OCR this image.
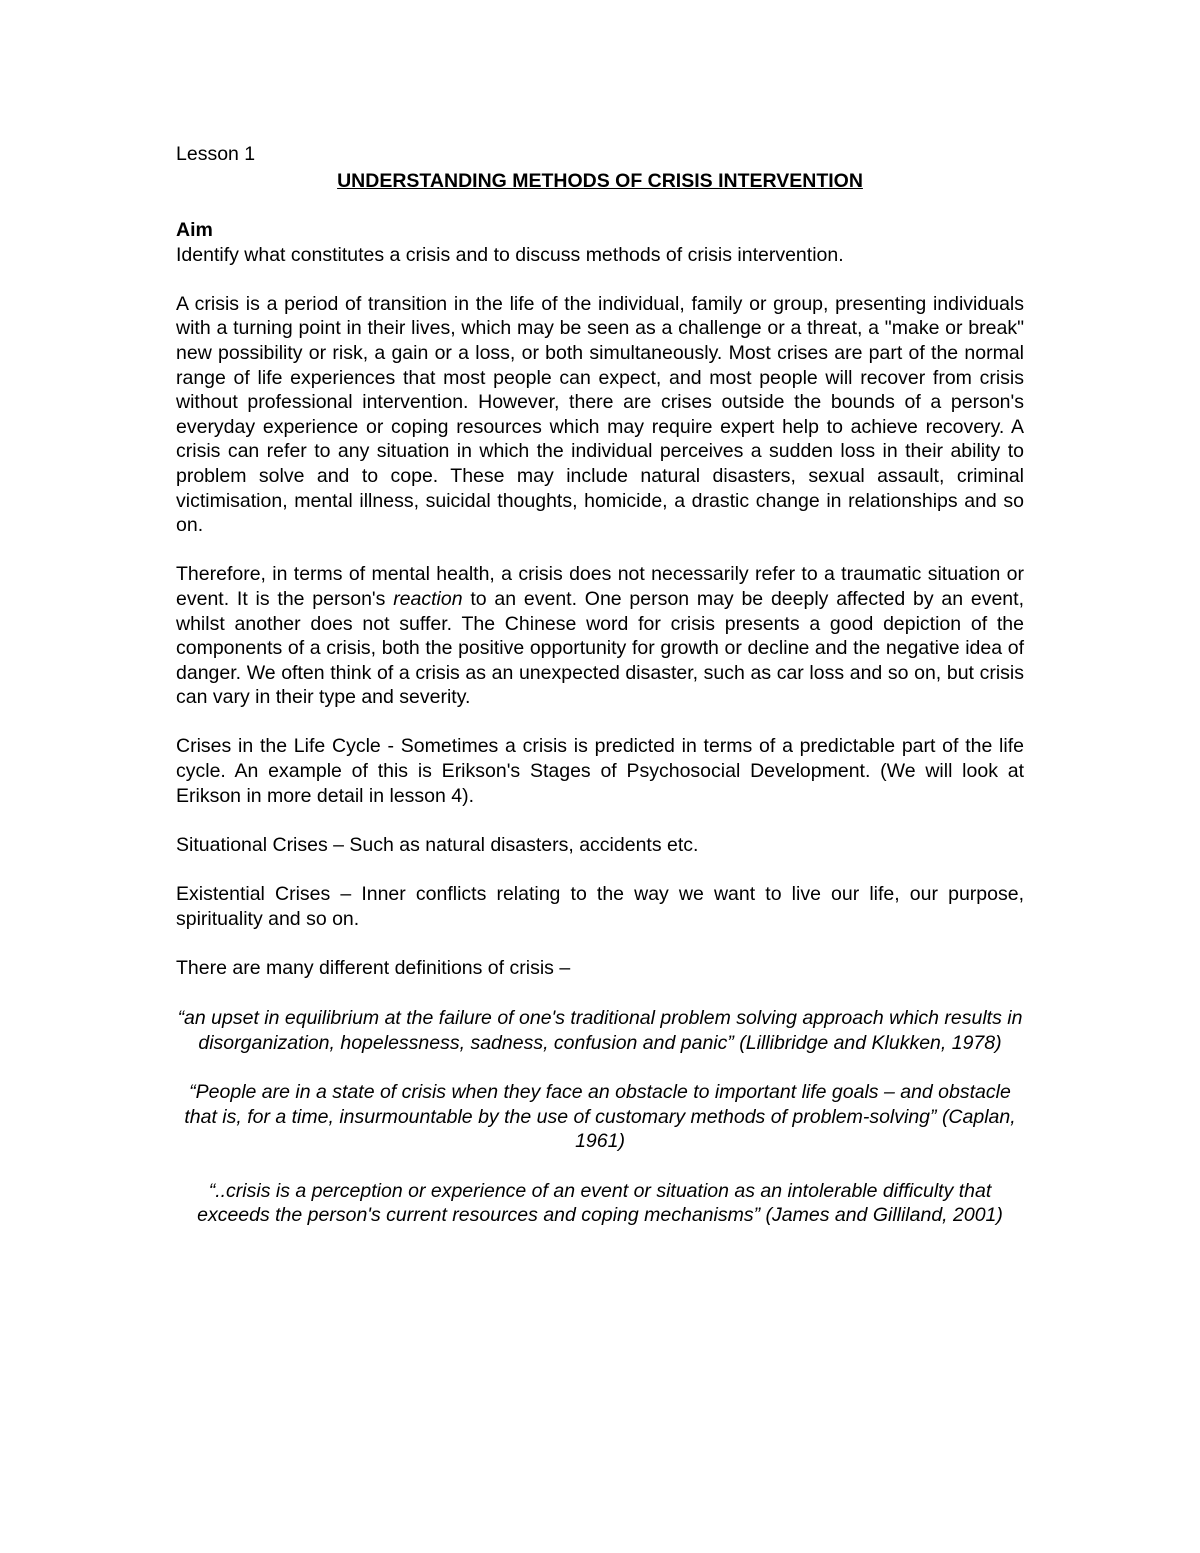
Lesson 1

UNDERSTANDING METHODS OF CRISIS INTERVENTION
Aim

Identify what constitutes a crisis and to discuss methods of crisis intervention.

A crisis is a period of transition in the life of the individual, family or group, presenting individuals with a turning point in their lives, which may be seen as a challenge or a threat, a "make or break" new possibility or risk, a gain or a loss, or both simultaneously. Most crises are part of the normal range of life experiences that most people can expect, and most people will recover from crisis without professional intervention. However, there are crises outside the bounds of a person's everyday experience or coping resources which may require expert help to achieve recovery. A crisis can refer to any situation in which the individual perceives a sudden loss in their ability to problem solve and to cope. These may include natural disasters, sexual assault, criminal victimisation, mental illness, suicidal thoughts, homicide, a drastic change in relationships and so on.

Therefore, in terms of mental health, a crisis does not necessarily refer to a traumatic situation or event. It is the person's reaction to an event. One person may be deeply affected by an event, whilst another does not suffer. The Chinese word for crisis presents a good depiction of the components of a crisis, both the positive opportunity for growth or decline and the negative idea of danger. We often think of a crisis as an unexpected disaster, such as car loss and so on, but crisis can vary in their type and severity.

Crises in the Life Cycle - Sometimes a crisis is predicted in terms of a predictable part of the life cycle. An example of this is Erikson's Stages of Psychosocial Development. (We will look at Erikson in more detail in lesson 4).

Situational Crises – Such as natural disasters, accidents etc.

Existential Crises – Inner conflicts relating to the way we want to live our life, our purpose, spirituality and so on.

There are many different definitions of crisis –

“an upset in equilibrium at the failure of one's traditional problem solving approach which results in disorganization, hopelessness, sadness, confusion and panic” (Lillibridge and Klukken, 1978)

“People are in a state of crisis when they face an obstacle to important life goals – and obstacle that is, for a time, insurmountable by the use of customary methods of problem-solving” (Caplan, 1961)

“..crisis is a perception or experience of an event or situation as an intolerable difficulty that exceeds the person's current resources and coping mechanisms” (James and Gilliland, 2001)
